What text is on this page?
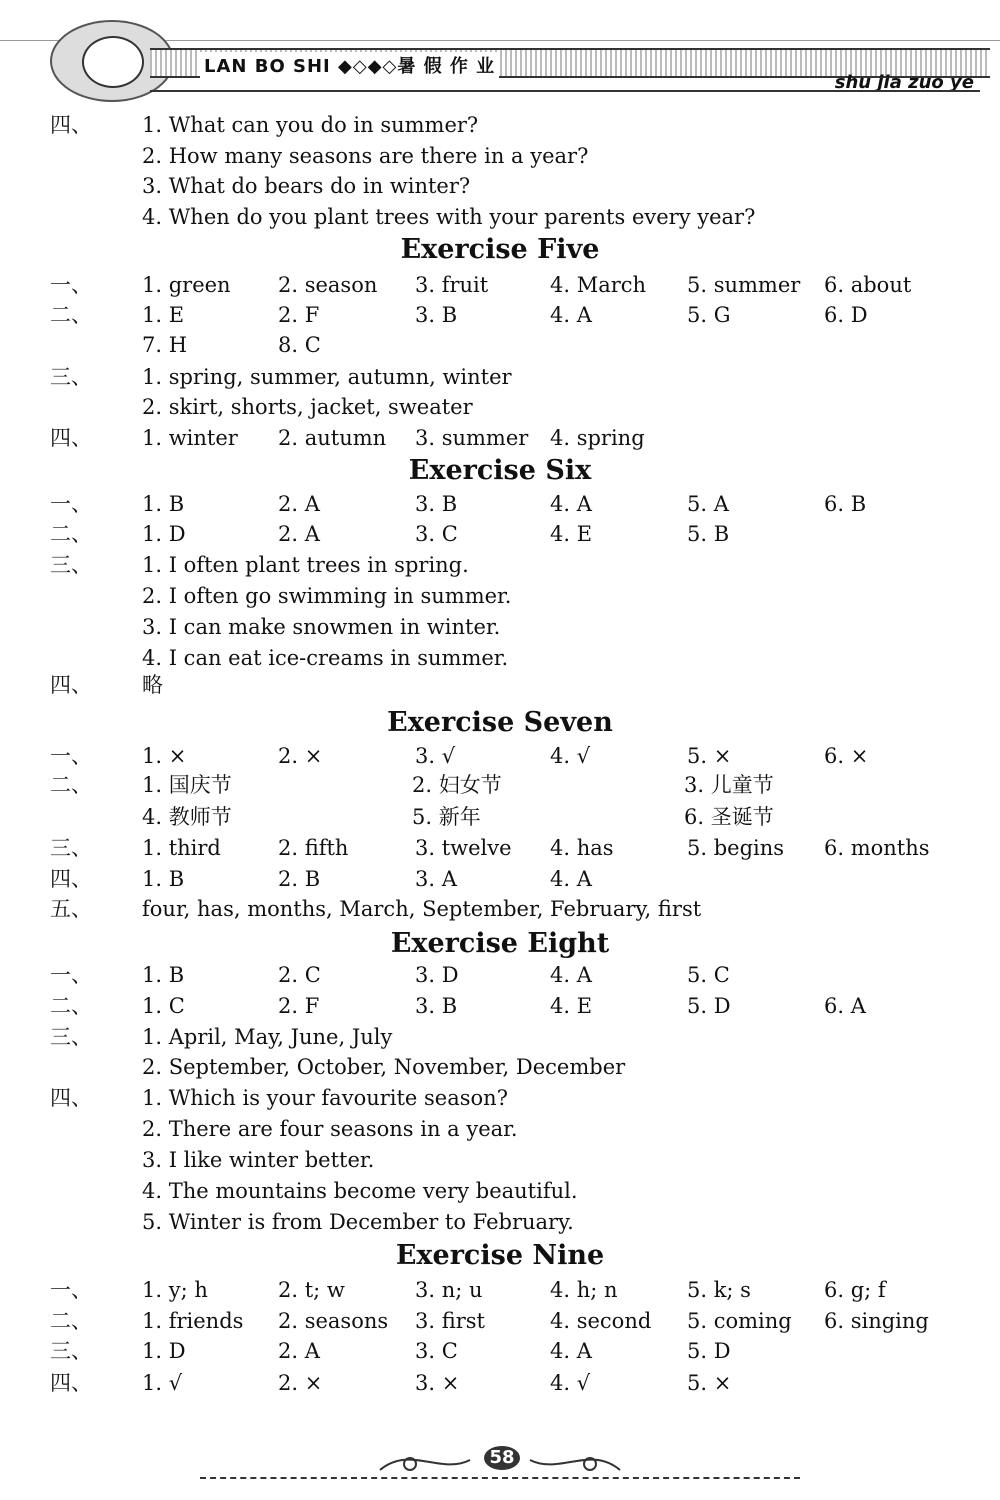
LAN BO SHI ◆◇◆◇暑 假 作 业
shu jia zuo ye
四、 1. What can you do in summer?
2. How many seasons are there in a year?
3. What do bears do in winter?
4. When do you plant trees with your parents every year?
Exercise Five
一、 1. green 2. season 3. fruit	4. March 5. summer 6. about
二、 1. E	2. F	3. B	4. A	5. G	6. D
7. H	8. C
三、 1. spring, summer, autumn, winter
2. skirt, shorts, jacket, sweater
四、 1. winter 2. autumn 3. summer 4. spring
Exercise Six
一、 1. B	2. A	3. B	4. A	5. A	6. B
二、 1. D	2. A	3. C	4. E	5. B
三、 1. I often plant trees in spring.
2. I often go swimming in summer.
3. I can make snowmen in winter.
4. I can eat ice-creams in summer.
四、 略
Exercise Seven
一、 1. ×	2. ×	3. √	4. √	5. ×	6. ×
二、 1. 国庆节	2. 妇女节	3. 儿童节
4. 教师节	5. 新年	6. 圣诞节
三、 1. third	2. fifth	3. twelve 4. has	5. begins 6. months
四、 1. B	2. B	3. A	4. A
五、 four, has, months, March, September, February, first
Exercise Eight
一、 1. B	2. C	3. D	4. A	5. C
二、 1. C	2. F	3. B	4. E	5. D	6. A
三、 1. April, May, June, July
2. September, October, November, December
四、 1. Which is your favourite season?
2. There are four seasons in a year.
3. I like winter better.
4. The mountains become very beautiful.
5. Winter is from December to February.
Exercise Nine
一、 1. y; h	2. t; w	3. n; u	4. h; n	5. k; s	6. g; f
二、 1. friends 2. seasons 3. first	4. second 5. coming 6. singing
三、 1. D	2. A	3. C	4. A	5. D
四、 1. √	2. ×	3. ×	4. √	5. ×
58
